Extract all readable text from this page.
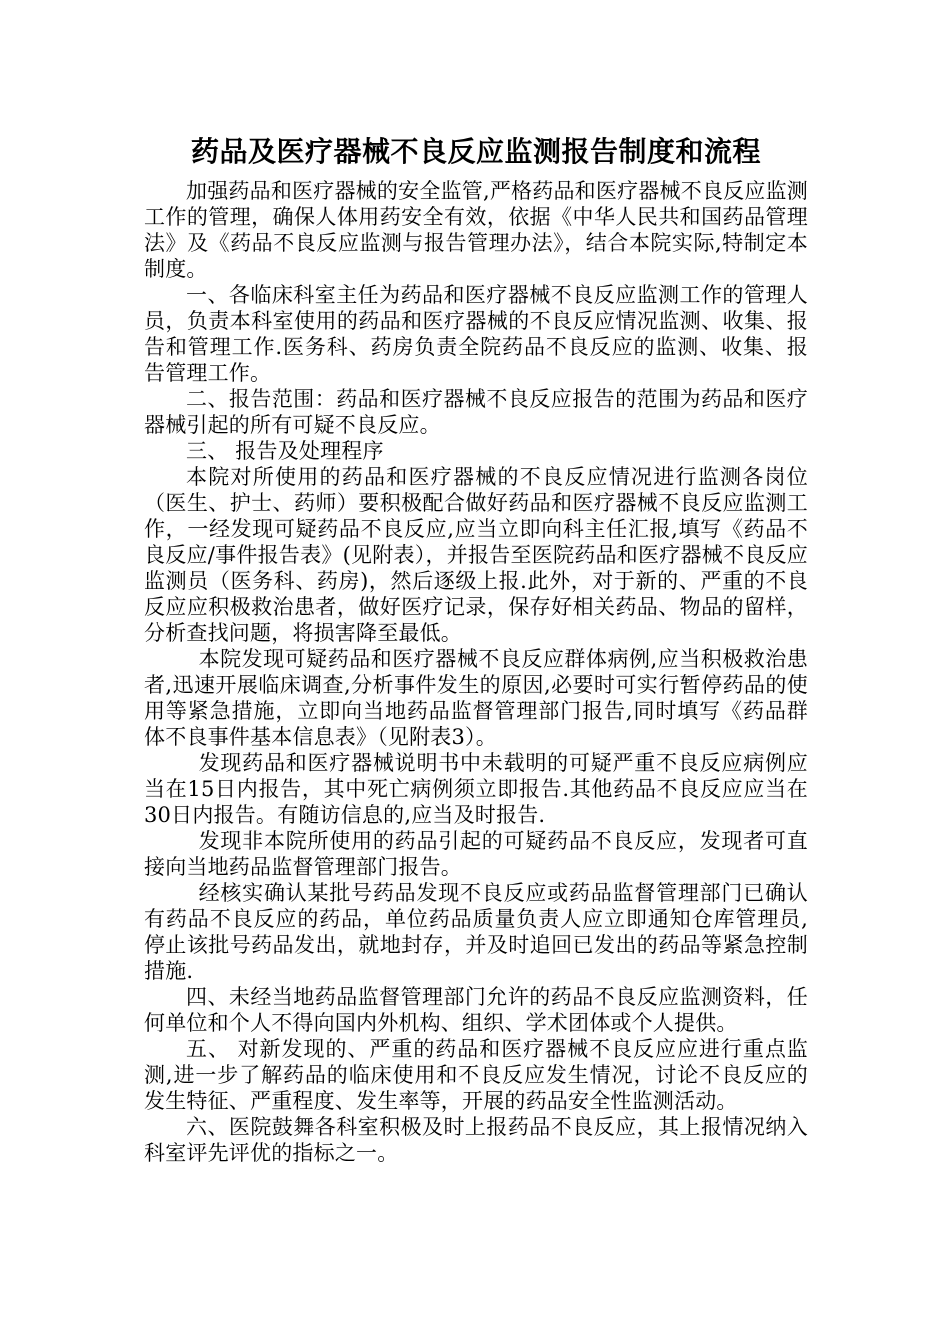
药品及医疗器械不良反应监测报告制度和流程

加强药品和医疗器械的安全监管,严格药品和医疗器械不良反应监测工作的管理，确保人体用药安全有效，依据《中华人民共和国药品管理法》及《药品不良反应监测与报告管理办法》，结合本院实际,特制定本制度。

一、各临床科室主任为药品和医疗器械不良反应监测工作的管理人员，负责本科室使用的药品和医疗器械的不良反应情况监测、收集、报告和管理工作.医务科、药房负责全院药品不良反应的监测、收集、报告管理工作。

二、报告范围：药品和医疗器械不良反应报告的范围为药品和医疗器械引起的所有可疑不良反应。

三、 报告及处理程序

本院对所使用的药品和医疗器械的不良反应情况进行监测各岗位（医生、护士、药师）要积极配合做好药品和医疗器械不良反应监测工作，一经发现可疑药品不良反应,应当立即向科主任汇报,填写《药品不良反应/事件报告表》(见附表），并报告至医院药品和医疗器械不良反应监测员（医务科、药房)，然后逐级上报.此外，对于新的、严重的不良反应应积极救治患者，做好医疗记录，保存好相关药品、物品的留样，分析查找问题，将损害降至最低。

本院发现可疑药品和医疗器械不良反应群体病例,应当积极救治患者,迅速开展临床调查,分析事件发生的原因,必要时可实行暂停药品的使用等紧急措施，立即向当地药品监督管理部门报告,同时填写《药品群体不良事件基本信息表》（见附表3）。

发现药品和医疗器械说明书中未载明的可疑严重不良反应病例应当在15日内报告，其中死亡病例须立即报告.其他药品不良反应应当在30日内报告。有随访信息的,应当及时报告.

发现非本院所使用的药品引起的可疑药品不良反应，发现者可直接向当地药品监督管理部门报告。

经核实确认某批号药品发现不良反应或药品监督管理部门已确认有药品不良反应的药品，单位药品质量负责人应立即通知仓库管理员,停止该批号药品发出，就地封存，并及时追回已发出的药品等紧急控制措施.

四、未经当地药品监督管理部门允许的药品不良反应监测资料，任何单位和个人不得向国内外机构、组织、学术团体或个人提供。

五、 对新发现的、严重的药品和医疗器械不良反应应进行重点监测,进一步了解药品的临床使用和不良反应发生情况，讨论不良反应的发生特征、严重程度、发生率等，开展的药品安全性监测活动。

六、医院鼓舞各科室积极及时上报药品不良反应，其上报情况纳入科室评先评优的指标之一。
